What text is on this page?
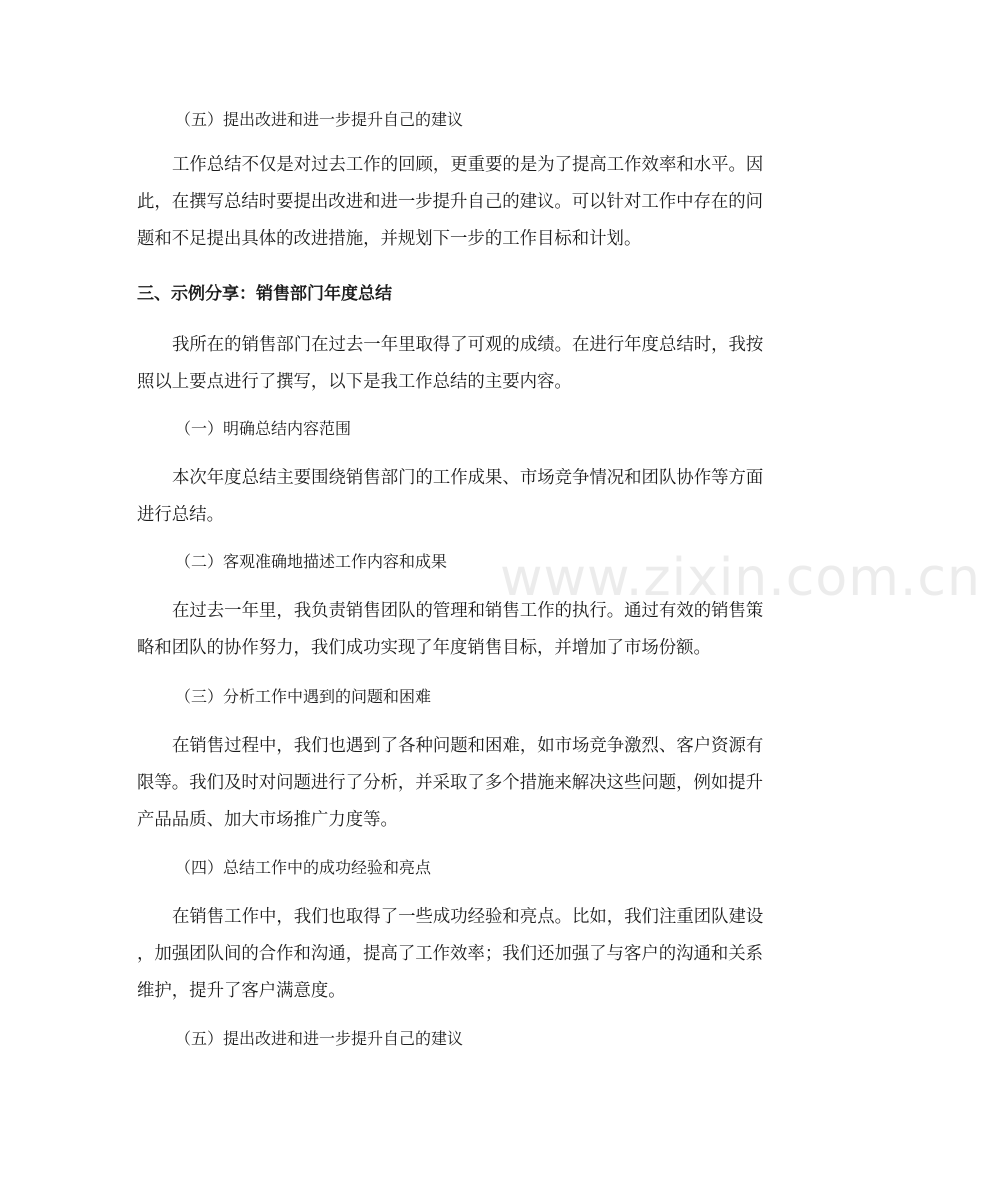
www.zixin.com.cn
（五）提出改进和进一步提升自己的建议
工作总结不仅是对过去工作的回顾，更重要的是为了提高工作效率和水平。因
此，在撰写总结时要提出改进和进一步提升自己的建议。可以针对工作中存在的问
题和不足提出具体的改进措施，并规划下一步的工作目标和计划。
三、示例分享：销售部门年度总结
我所在的销售部门在过去一年里取得了可观的成绩。在进行年度总结时，我按
照以上要点进行了撰写，以下是我工作总结的主要内容。
（一）明确总结内容范围
本次年度总结主要围绕销售部门的工作成果、市场竞争情况和团队协作等方面
进行总结。
（二）客观准确地描述工作内容和成果
在过去一年里，我负责销售团队的管理和销售工作的执行。通过有效的销售策
略和团队的协作努力，我们成功实现了年度销售目标，并增加了市场份额。
（三）分析工作中遇到的问题和困难
在销售过程中，我们也遇到了各种问题和困难，如市场竞争激烈、客户资源有
限等。我们及时对问题进行了分析，并采取了多个措施来解决这些问题，例如提升
产品品质、加大市场推广力度等。
（四）总结工作中的成功经验和亮点
在销售工作中，我们也取得了一些成功经验和亮点。比如，我们注重团队建设
，加强团队间的合作和沟通，提高了工作效率；我们还加强了与客户的沟通和关系
维护，提升了客户满意度。
（五）提出改进和进一步提升自己的建议
